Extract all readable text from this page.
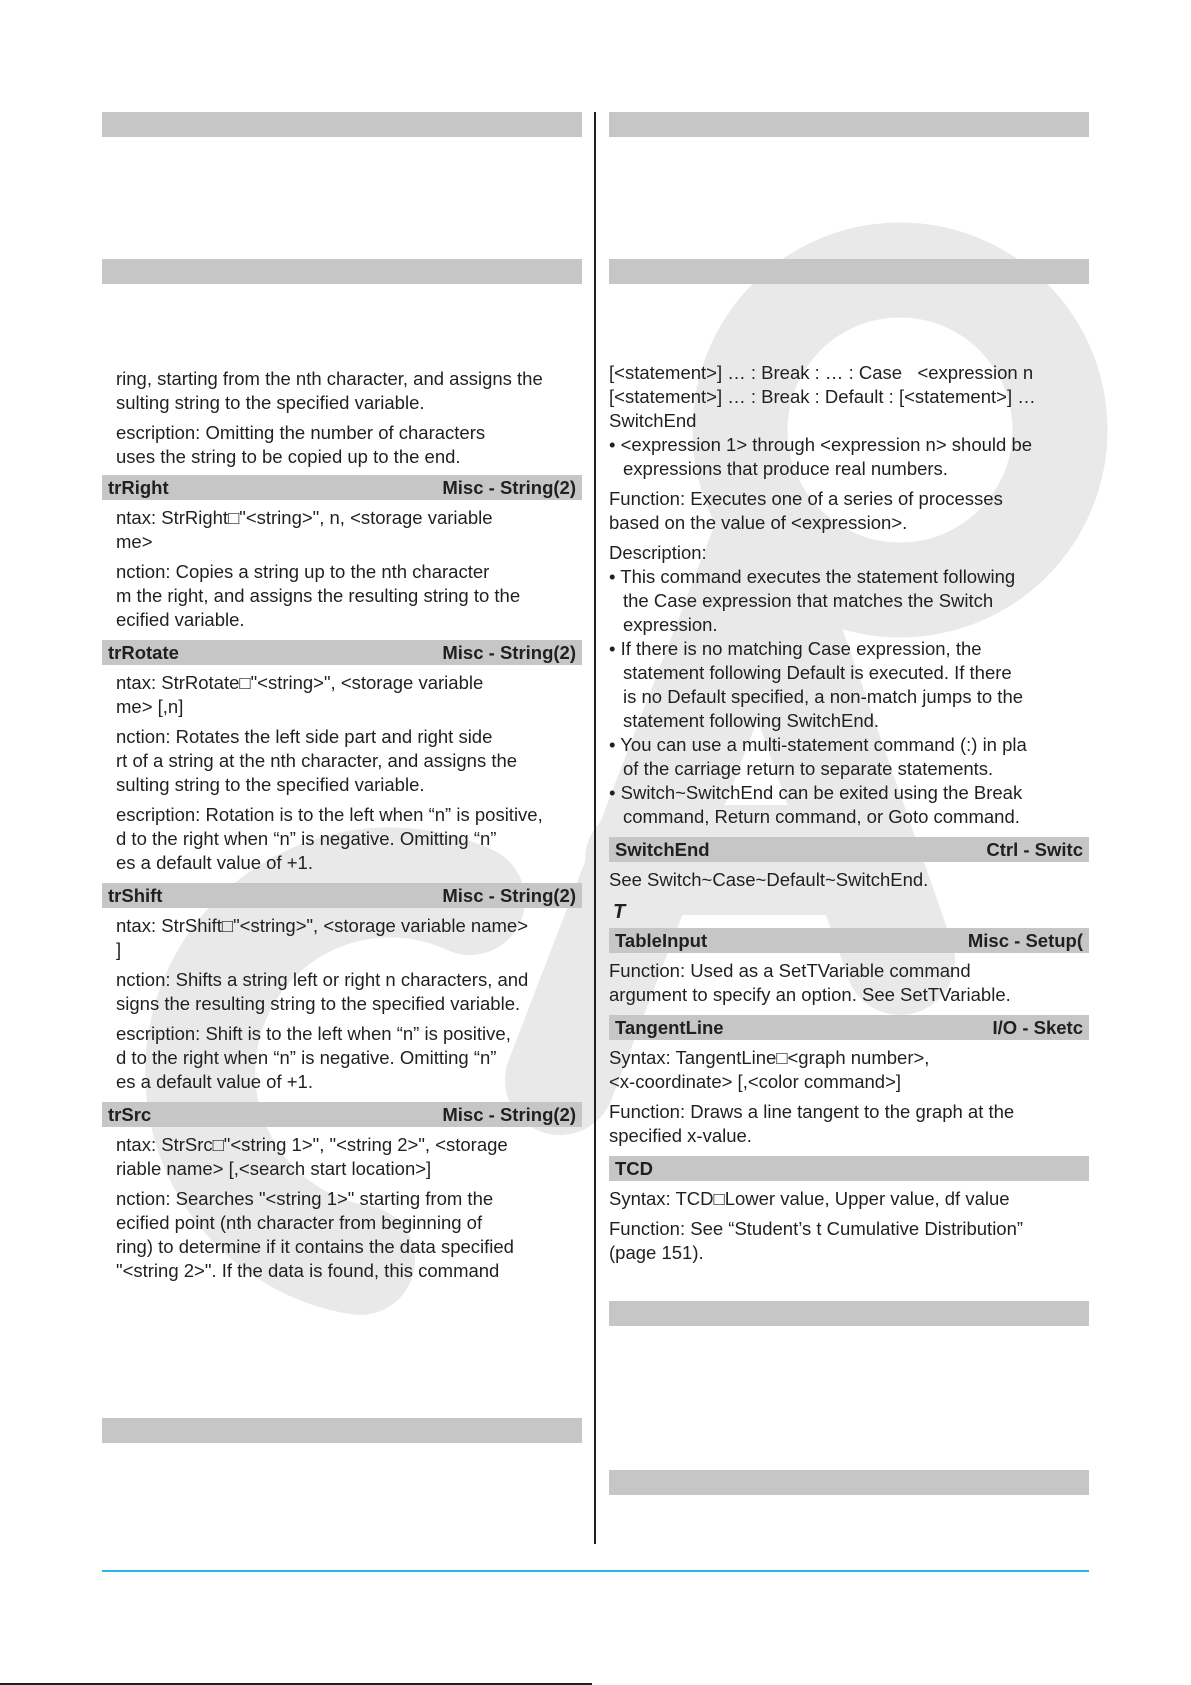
ring, starting from the nth character, and assigns the

sulting string to the specified variable.

escription: Omitting the number of characters

uses the string to be copied up to the end.

trRight	Misc - String(2)

ntax: StrRight□"<string>", n, <storage variable

me>

nction: Copies a string up to the nth character

m the right, and assigns the resulting string to the

ecified variable.

trRotate	Misc - String(2)

ntax: StrRotate□"<string>", <storage variable

me> [,n]

nction: Rotates the left side part and right side

rt of a string at the nth character, and assigns the

sulting string to the specified variable.

escription: Rotation is to the left when “n” is positive,

d to the right when “n” is negative. Omitting “n”

es a default value of +1.

trShift	Misc - String(2)

ntax: StrShift□"<string>", <storage variable name>

]

nction: Shifts a string left or right n characters, and

signs the resulting string to the specified variable.

escription: Shift is to the left when “n” is positive,

d to the right when “n” is negative. Omitting “n”

es a default value of +1.

trSrc	Misc - String(2)

ntax: StrSrc□"<string 1>", "<string 2>", <storage

riable name> [,<search start location>]

nction: Searches "<string 1>" starting from the

ecified point (nth character from beginning of

ring) to determine if it contains the data specified

"<string 2>". If the data is found, this command

[<statement>] … : Break : … : Case   <expression n

[<statement>] … : Break : Default : [<statement>] …

SwitchEnd

• <expression 1> through <expression n> should be

expressions that produce real numbers.

Function: Executes one of a series of processes

based on the value of <expression>.

Description:

• This command executes the statement following

the Case expression that matches the Switch

expression.

• If there is no matching Case expression, the

statement following Default is executed. If there

is no Default specified, a non-match jumps to the

statement following SwitchEnd.

• You can use a multi-statement command (:) in pla

of the carriage return to separate statements.

• Switch~SwitchEnd can be exited using the Break

command, Return command, or Goto command.

SwitchEnd	Ctrl - Switc

See Switch~Case~Default~SwitchEnd.

T
TableInput	Misc - Setup(

Function: Used as a SetTVariable command

argument to specify an option. See SetTVariable.

TangentLine	I/O - Sketc

Syntax: TangentLine□<graph number>,

<x-coordinate> [,<color command>]

Function: Draws a line tangent to the graph at the

specified x-value.

TCD

Syntax: TCD□Lower value, Upper value, df value

Function: See “Student’s t Cumulative Distribution”

(page 151).
